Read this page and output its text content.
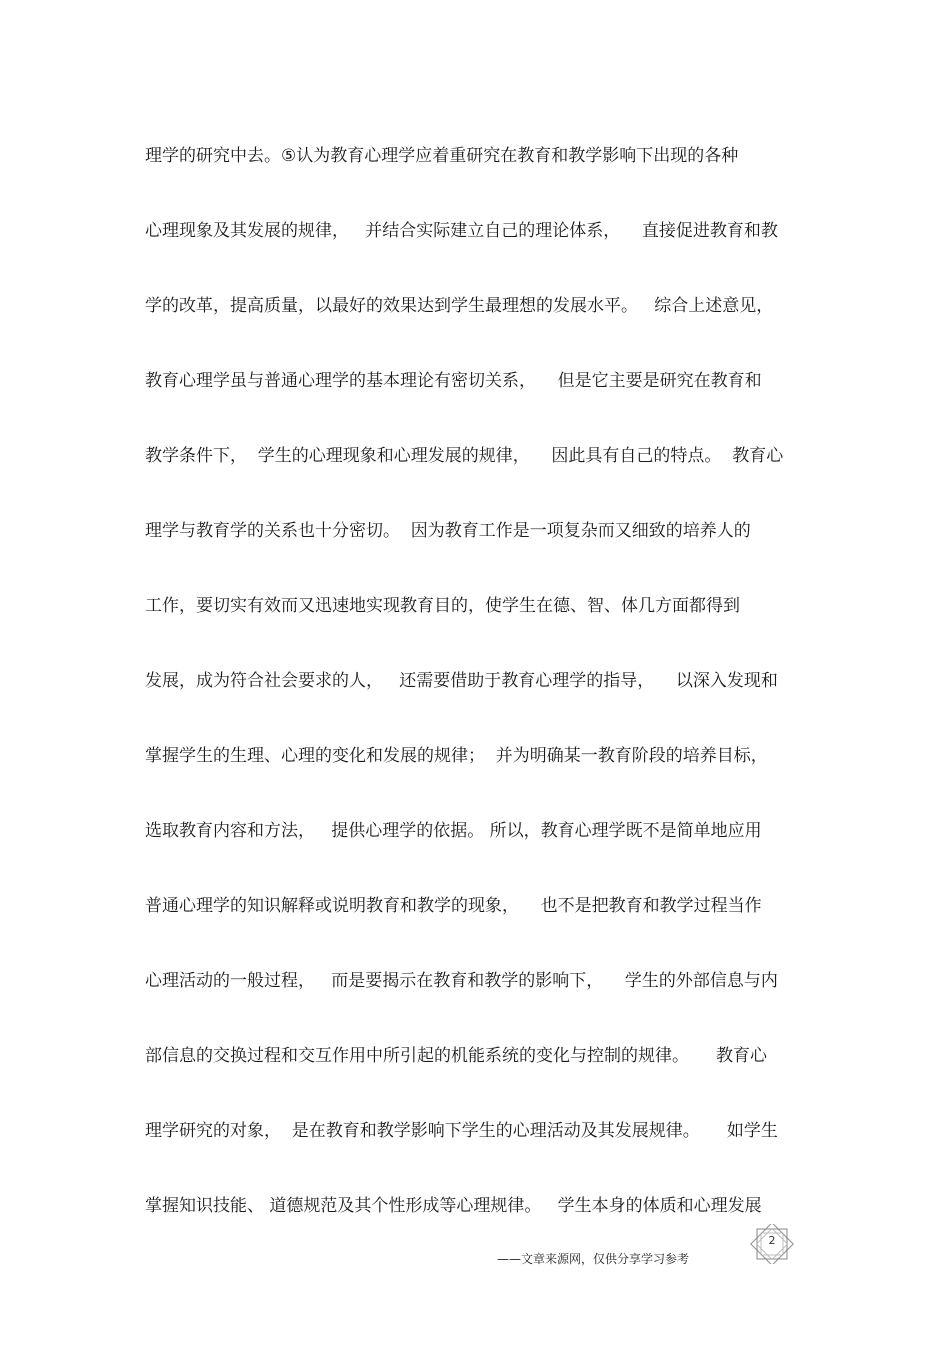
理学的研究中去。⑤认为教育心理学应着重研究在教育和教学影响下出现的各种
心理现象及其发展的规律，   并结合实际建立自己的理论体系，    直接促进教育和教
学的改革，提高质量，以最好的效果达到学生最理想的发展水平。   综合上述意见，
教育心理学虽与普通心理学的基本理论有密切关系，    但是它主要是研究在教育和
教学条件下，  学生的心理现象和心理发展的规律，    因此具有自己的特点。  教育心
理学与教育学的关系也十分密切。  因为教育工作是一项复杂而又细致的培养人的
工作，要切实有效而又迅速地实现教育目的，使学生在德、智、体几方面都得到
发展，成为符合社会要求的人，   还需要借助于教育心理学的指导，    以深入发现和
掌握学生的生理、心理的变化和发展的规律；  并为明确某一教育阶段的培养目标，
选取教育内容和方法，   提供心理学的依据。 所以，教育心理学既不是简单地应用
普通心理学的知识解释或说明教育和教学的现象，    也不是把教育和教学过程当作
心理活动的一般过程，   而是要揭示在教育和教学的影响下，    学生的外部信息与内
部信息的交换过程和交互作用中所引起的机能系统的变化与控制的规律。     教育心
理学研究的对象，  是在教育和教学影响下学生的心理活动及其发展规律。     如学生
掌握知识技能、 道德规范及其个性形成等心理规律。   学生本身的体质和心理发展
——文章来源网，仅供分享学习参考
2
